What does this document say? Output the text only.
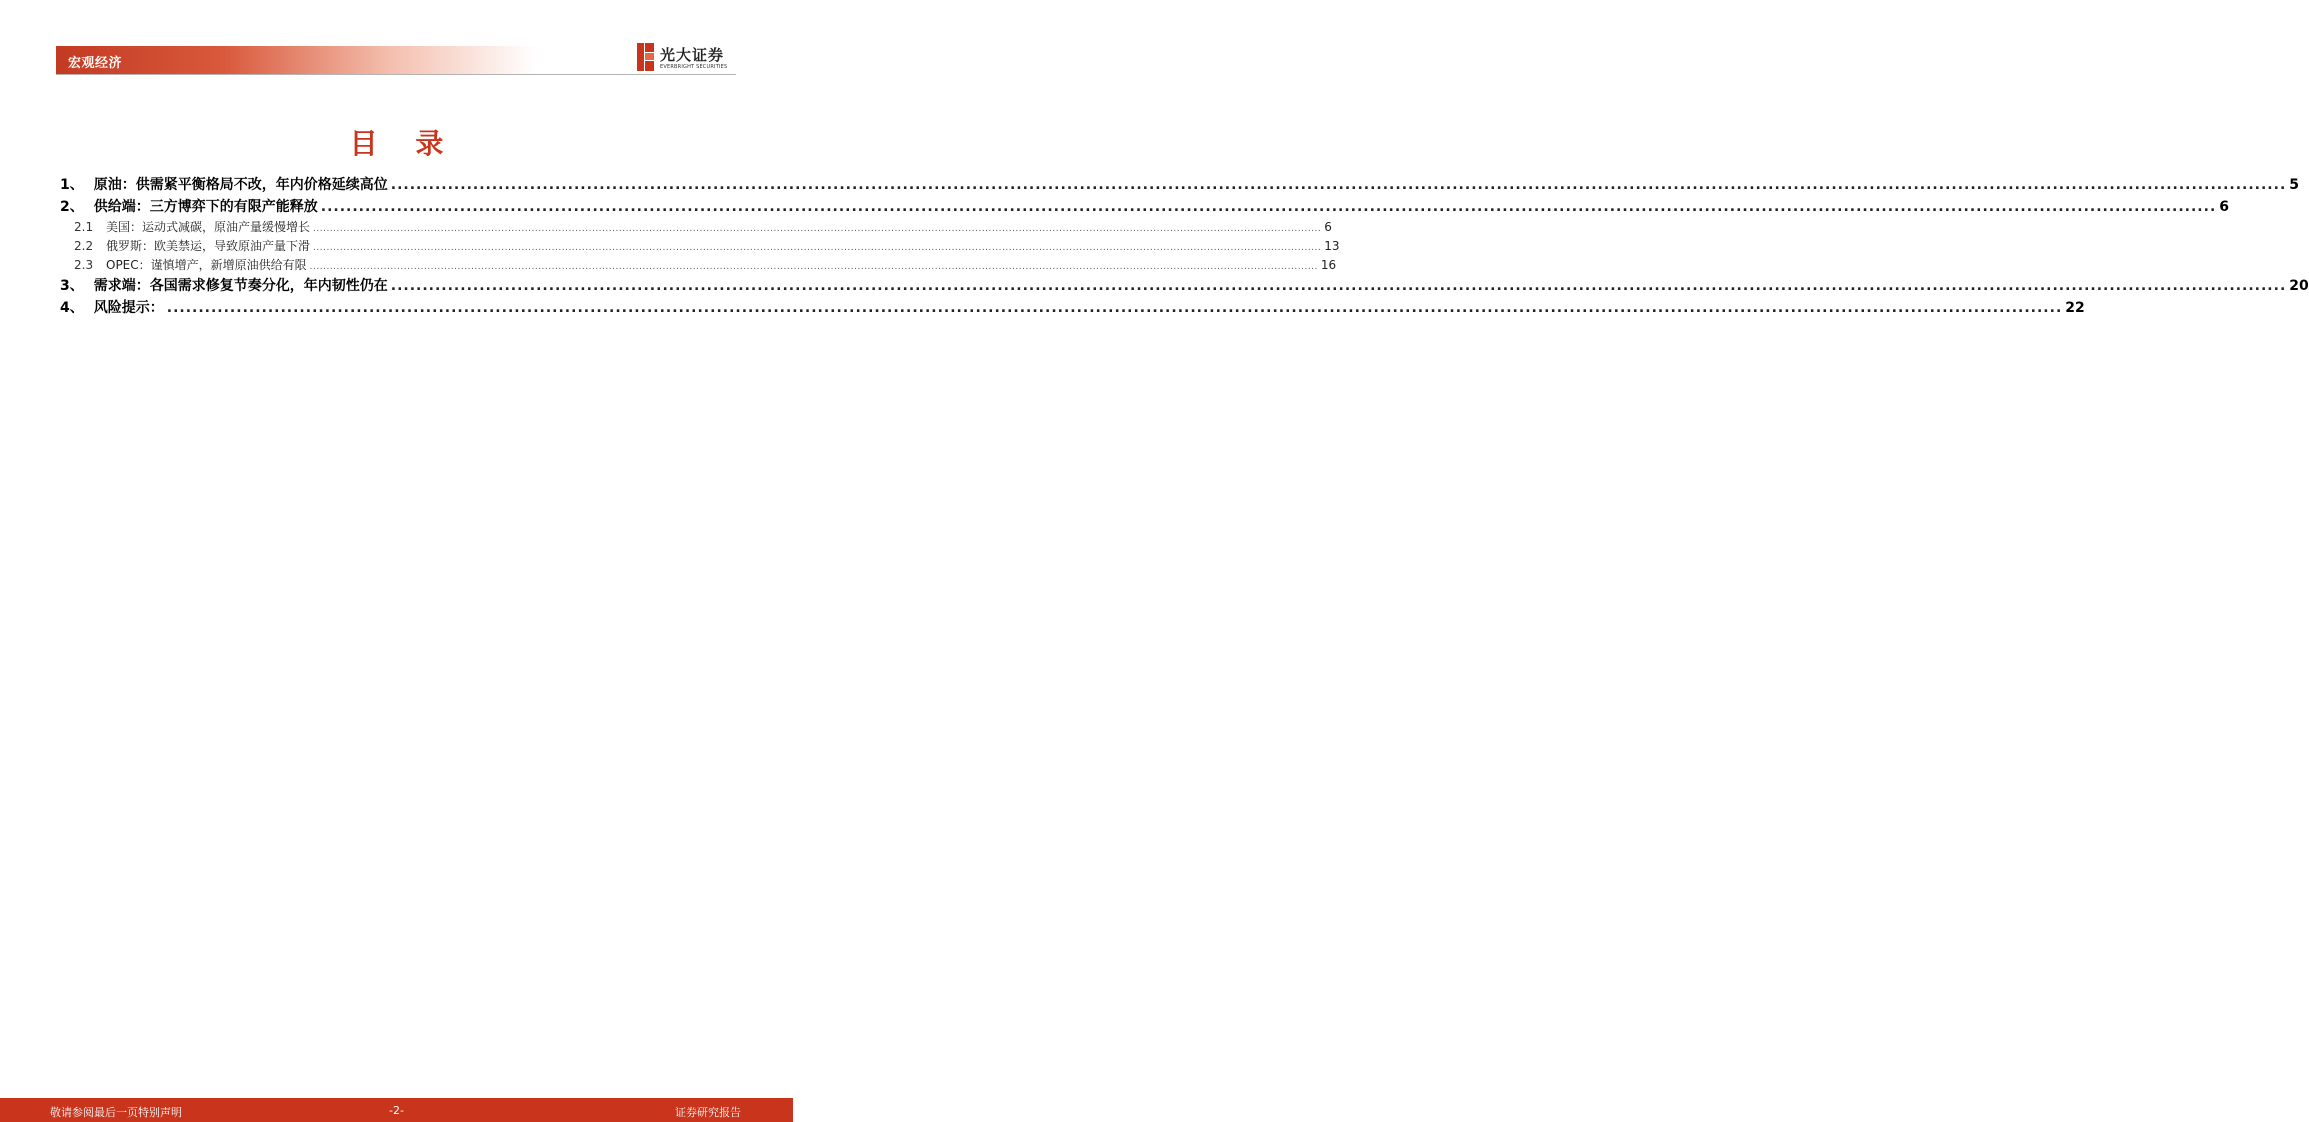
宏观经济	光大证券
EVERBRIGHT SECURITIES
目 录
1、 原油：供需紧平衡格局不改，年内价格延续高位 ............................................................................................................................................................................................................................................................................................................ 5
2、 供给端：三方博弈下的有限产能释放 ............................................................................................................................................................................................................................................................................................................ 6
2.1 美国：运动式减碳，原油产量缓慢增长 ............................................................................................................................................................................................................................................................................................................ 6
2.2 俄罗斯：欧美禁运，导致原油产量下滑 ............................................................................................................................................................................................................................................................................................................ 13
2.3 OPEC：谨慎增产，新增原油供给有限 ............................................................................................................................................................................................................................................................................................................ 16
3、 需求端：各国需求修复节奏分化，年内韧性仍在 ............................................................................................................................................................................................................................................................................................................ 20
4、 风险提示： ............................................................................................................................................................................................................................................................................................................ 22
敬请参阅最后一页特别声明	-2-	证券研究报告
